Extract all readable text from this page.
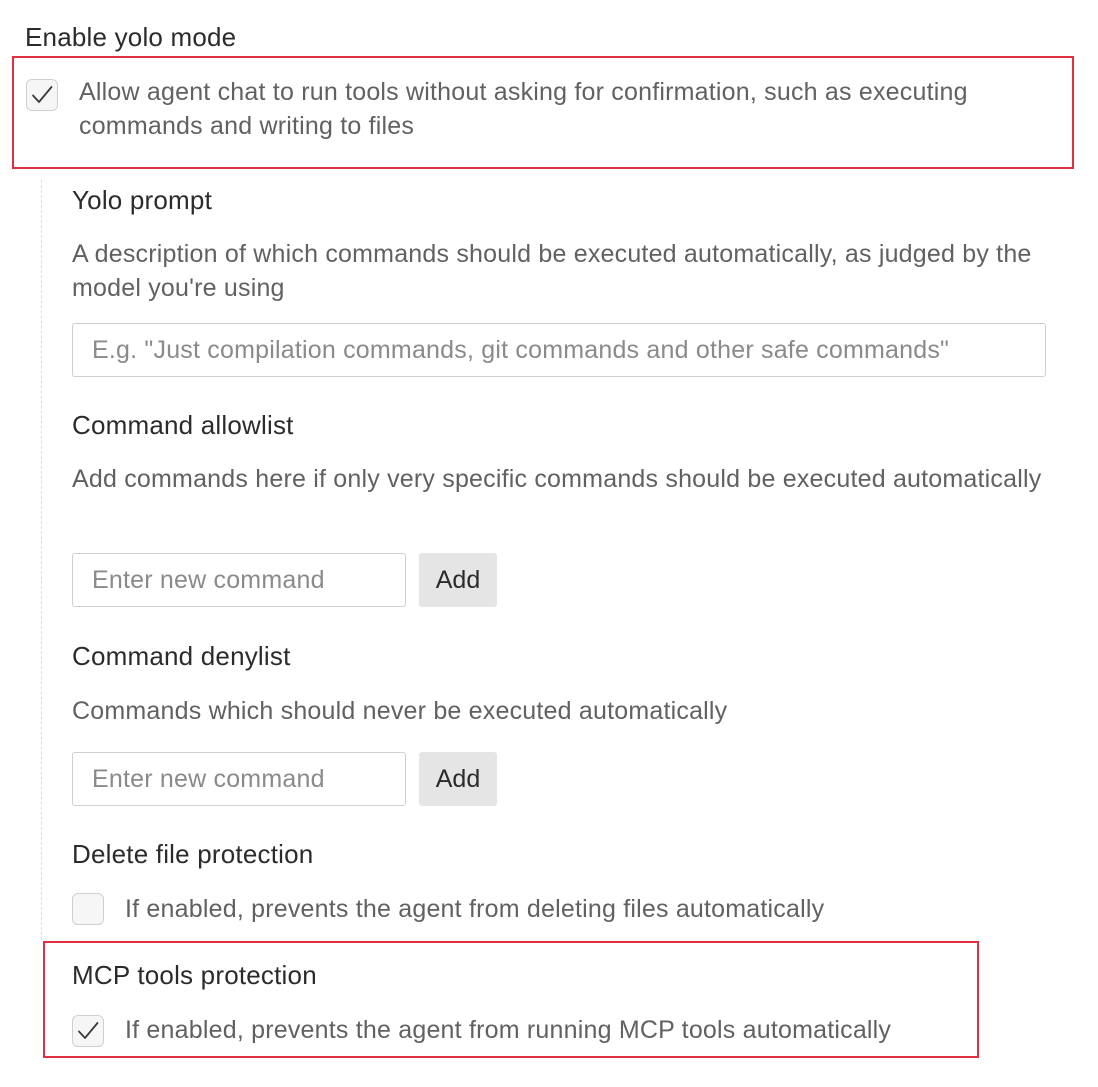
Enable yolo mode
Allow agent chat to run tools without asking for confirmation, such as executing commands and writing to files
Yolo prompt
A description of which commands should be executed automatically, as judged by the model you're using
E.g. "Just compilation commands, git commands and other safe commands"
Command allowlist
Add commands here if only very specific commands should be executed automatically
Enter new command
Add
Command denylist
Commands which should never be executed automatically
Enter new command
Add
Delete file protection
If enabled, prevents the agent from deleting files automatically
MCP tools protection
If enabled, prevents the agent from running MCP tools automatically
